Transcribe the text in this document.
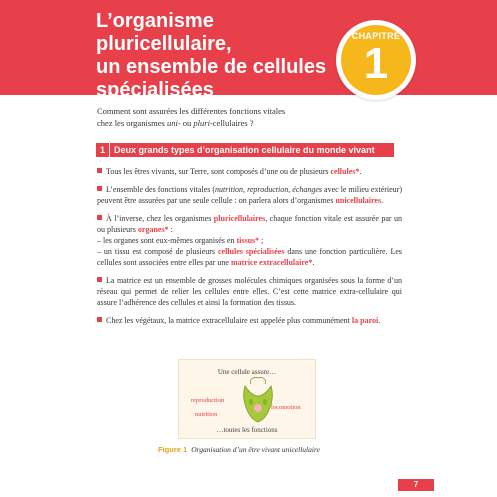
L’organisme pluricellulaire,
un ensemble de cellules
spécialisées
CHAPITRE
1
Comment sont assurées les différentes fonctions vitales
chez les organismes uni- ou pluri-cellulaires ?
1 Deux grands types d’organisation cellulaire du monde vivant

Tous les êtres vivants, sur Terre, sont composés d’une ou de plusieurs cellules*.

L’ensemble des fonctions vitales (nutrition, reproduction, échanges avec le milieu extérieur) peuvent être assurées par une seule cellule : on parlera alors d’organismes unicellulaires.

À l’inverse, chez les organismes pluricellulaires, chaque fonction vitale est assurée par un ou plusieurs organes* :

– les organes sont eux-mêmes organisés en tissus* ;

– un tissu est composé de plusieurs cellules spécialisées dans une fonction particulière. Les cellules sont associées entre elles par une matrice extracellulaire*.

La matrice est un ensemble de grosses molécules chimiques organisées sous la forme d’un réseau qui permet de relier les cellules entre elles. C’est cette matrice extra-cellulaire qui assure l’adhérence des cellules et ainsi la formation des tissus.

Chez les végétaux, la matrice extracellulaire est appelée plus communément la paroi.

Une cellule assure…
reproduction
nutrition
locomotion
…toutes les fonctions
Figure 1 Organisation d’un être vivant unicellulaire
7
